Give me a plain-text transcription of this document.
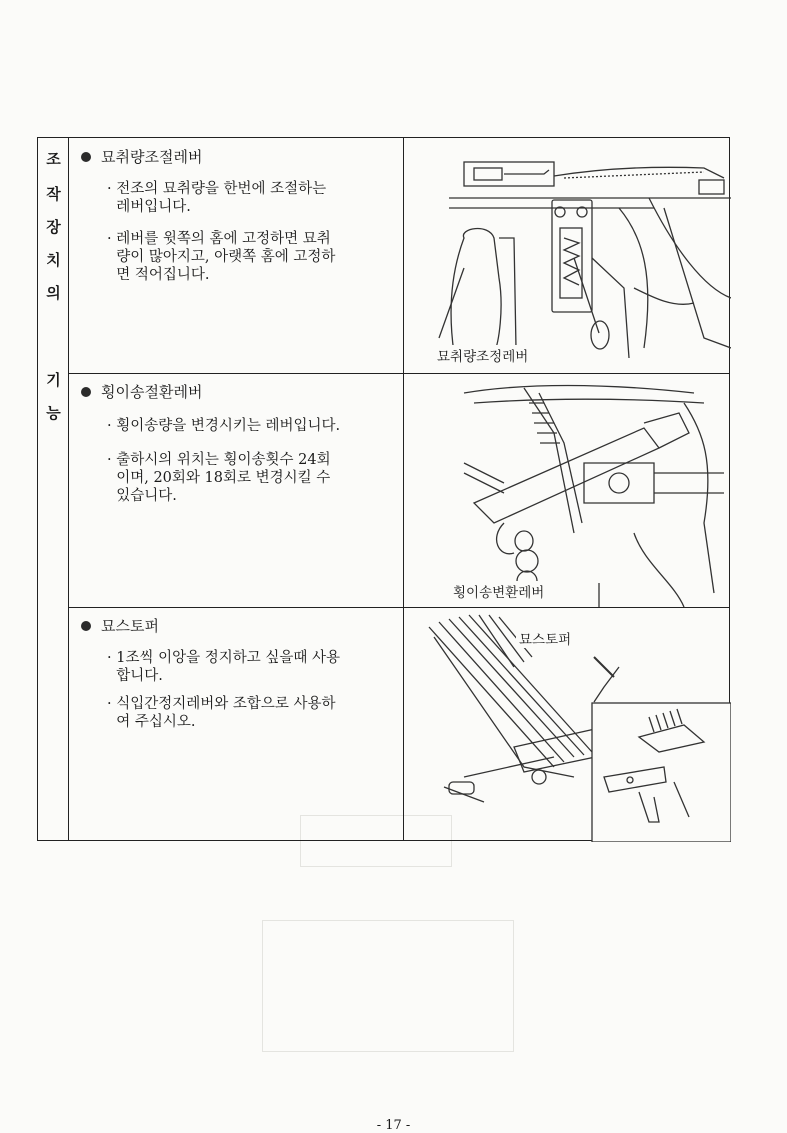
조
작
장
치
의
기
능
묘취량조절레버
· 전조의 묘취량을 한번에 조절하는
레버입니다.
· 레버를 윗쪽의 홈에 고정하면 묘취
량이 많아지고, 아랫쪽 홈에 고정하
면 적어집니다.
묘취량조정레버
횡이송절환레버
· 횡이송량을 변경시키는 레버입니다.
· 출하시의 위치는 횡이송횟수 24회
이며, 20회와 18회로 변경시킬 수
있습니다.
횡이송변환레버
묘스토퍼
· 1조씩 이앙을 정지하고 싶을때 사용
합니다.
· 식입간정지레버와 조합으로 사용하
여 주십시오.
묘스토퍼
- 17 -
